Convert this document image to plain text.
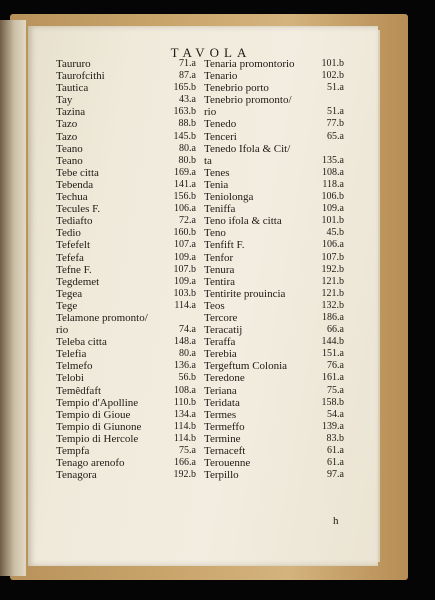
TAVOLA
Taururo	71.a
Taurofcithi	87.a
Tautica	165.b
Tay	43.a
Tazina	163.b
Tazo	88.b
Tazo	145.b
Teano	80.a
Teano	80.b
Tebe citta	169.a
Tebenda	141.a
Techua	156.b
Tecules F.	106.a
Tediafto	72.a
Tedio	160.b
Tefefelt	107.a
Tefefa	109.a
Tefne F.	107.b
Tegdemet	109.a
Tegea	103.b
Tege	114.a
Telamone promonto/
rio	74.a
Teleba citta	148.a
Telefia	80.a
Telmefo	136.a
Telobi	56.b
Temêdfaft	108.a
Tempio d'Apolline	110.b
Tempio di Gioue	134.a
Tempio di Giunone	114.b
Tempio di Hercole	114.b
Tempfa	75.a
Tenago arenofo	166.a
Tenagora	192.b
Tenaria promontorio	101.b
Tenario	102.b
Tenebrio porto	51.a
Tenebrio promonto/
rio	51.a
Tenedo	77.b
Tenceri	65.a
Tenedo Ifola & Cit/
ta	135.a
Tenes	108.a
Tenia	118.a
Teniolonga	106.b
Teniffa	109.a
Teno ifola & citta	101.b
Teno	45.b
Tenfift F.	106.a
Tenfor	107.b
Tenura	192.b
Tentira	121.b
Tentirite prouincia	121.b
Teos	132.b
Tercore	186.a
Teracatij	66.a
Teraffa	144.b
Terebia	151.a
Tergeftum Colonia	76.a
Teredone	161.a
Teriana	75.a
Teridata	158.b
Termes	54.a
Termeffo	139.a
Termine	83.b
Ternaceft	61.a
Terouenne	61.a
Terpillo	97.a
h
